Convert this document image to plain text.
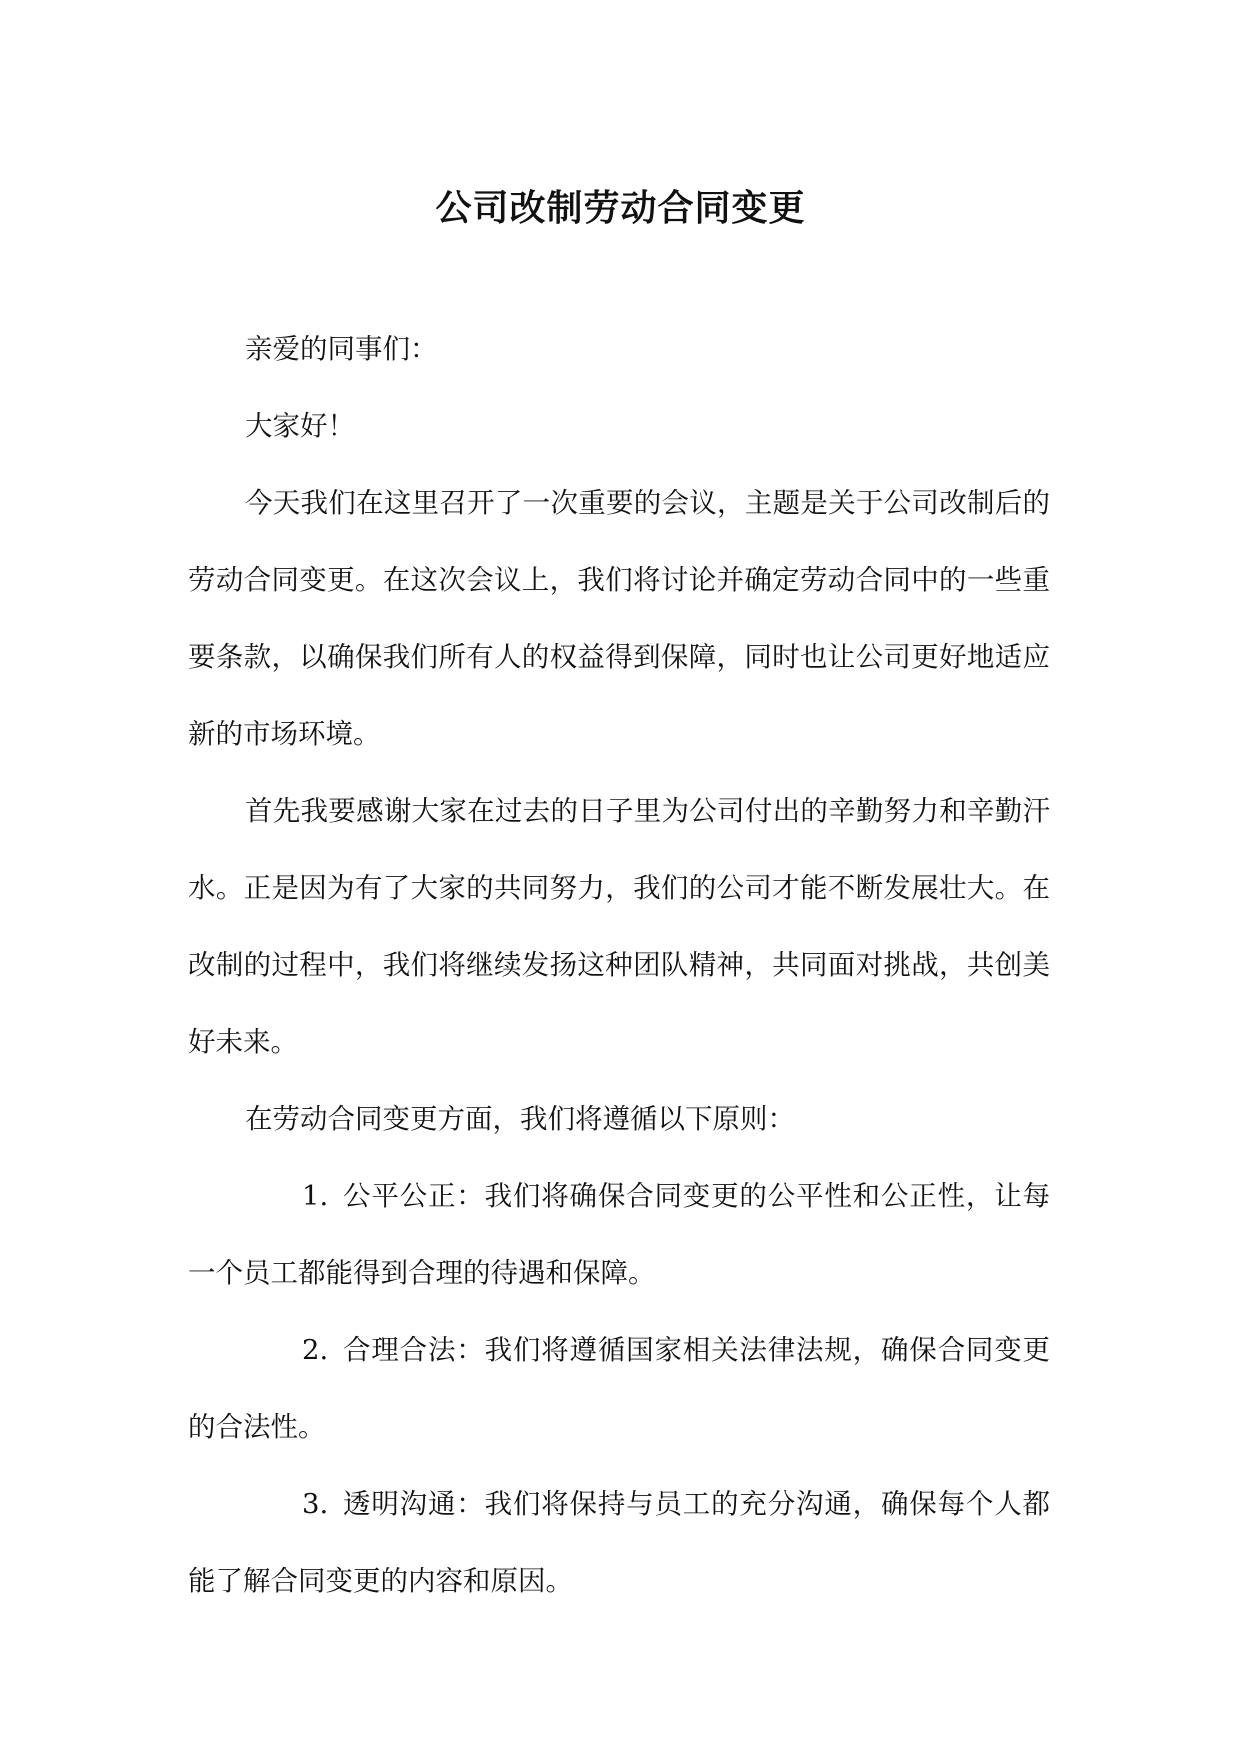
公司改制劳动合同变更

亲爱的同事们：

大家好！

今天我们在这里召开了一次重要的会议，主题是关于公司改制后的劳动合同变更。在这次会议上，我们将讨论并确定劳动合同中的一些重要条款，以确保我们所有人的权益得到保障，同时也让公司更好地适应新的市场环境。

首先我要感谢大家在过去的日子里为公司付出的辛勤努力和辛勤汗水。正是因为有了大家的共同努力，我们的公司才能不断发展壮大。在改制的过程中，我们将继续发扬这种团队精神，共同面对挑战，共创美好未来。

在劳动合同变更方面，我们将遵循以下原则：

1. 公平公正：我们将确保合同变更的公平性和公正性，让每一个员工都能得到合理的待遇和保障。

2. 合理合法：我们将遵循国家相关法律法规，确保合同变更的合法性。

3. 透明沟通：我们将保持与员工的充分沟通，确保每个人都能了解合同变更的内容和原因。
